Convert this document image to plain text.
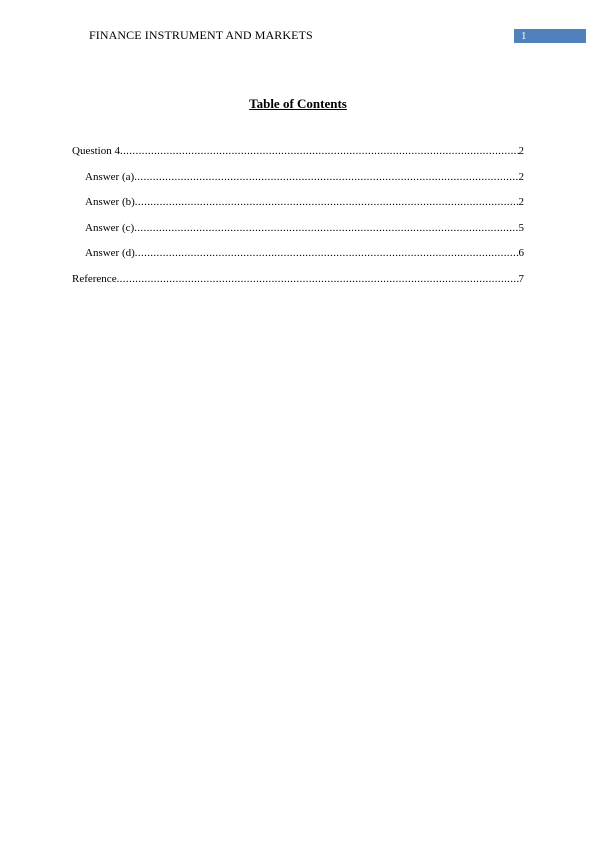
FINANCE INSTRUMENT AND MARKETS	1
Table of Contents
Question 4 .....	2
Answer (a) .....	2
Answer (b) .....	2
Answer (c) .....	5
Answer (d) .....	6
Reference .....	7
